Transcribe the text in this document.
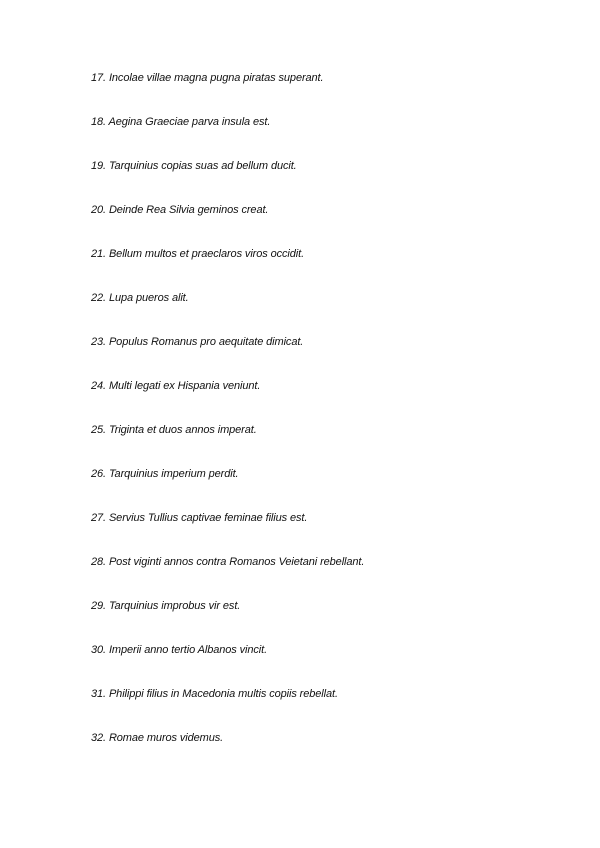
17. Incolae villae magna pugna piratas superant.
18. Aegina Graeciae parva insula est.
19. Tarquinius copias suas ad bellum ducit.
20. Deinde Rea Silvia geminos creat.
21. Bellum multos et praeclaros viros occidit.
22. Lupa pueros alit.
23. Populus Romanus pro aequitate dimicat.
24. Multi legati ex Hispania veniunt.
25. Triginta et duos annos imperat.
26. Tarquinius imperium perdit.
27. Servius Tullius captivae feminae filius est.
28. Post viginti annos contra Romanos Veietani rebellant.
29. Tarquinius improbus vir est.
30. Imperii anno tertio Albanos vincit.
31. Philippi filius in Macedonia multis copiis rebellat.
32. Romae muros videmus.
